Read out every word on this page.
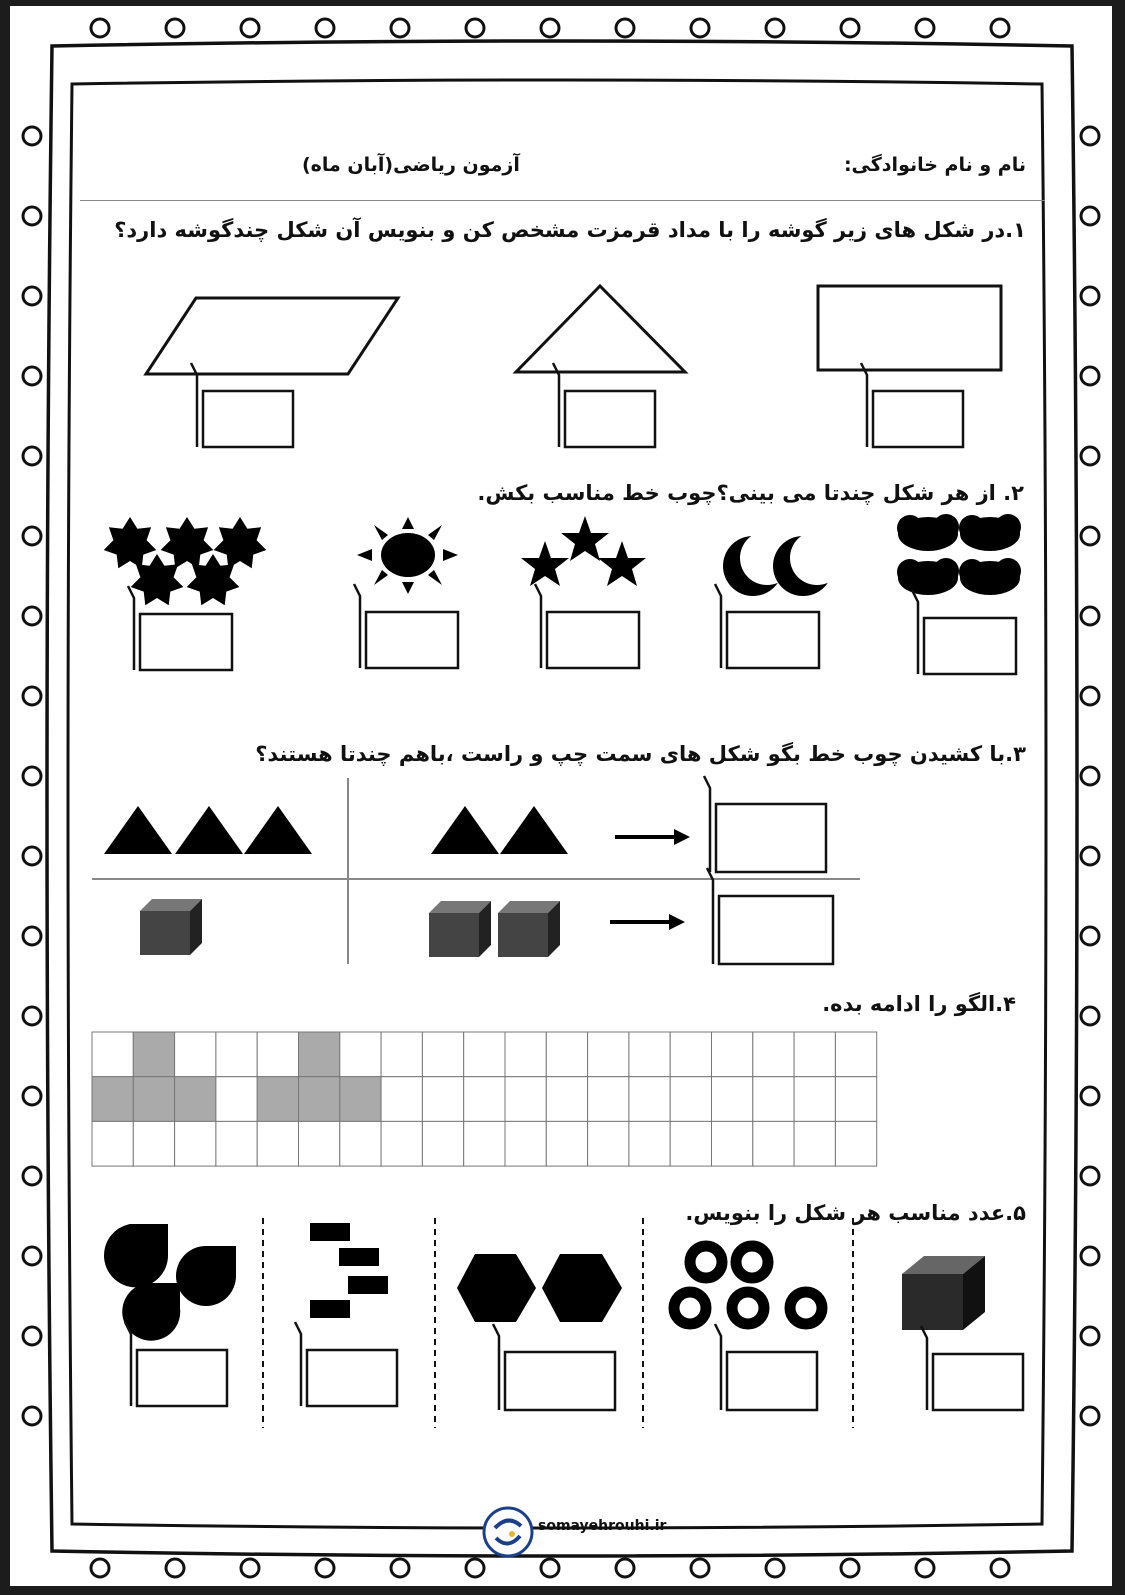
نام و نام خانوادگی:
آزمون ریاضی(آبان ماه)
۱.در شکل های زیر گوشه را با مداد قرمزت مشخص کن و بنویس آن شکل چندگوشه دارد؟
۲. از هر شکل چندتا می بینی؟چوب خط مناسب بکش.
۳.با کشیدن چوب خط بگو شکل های سمت چپ و راست ،باهم چندتا هستند؟
۴.الگو را ادامه بده.
۵.عدد مناسب هر شکل را بنویس.
somayehrouhi.ir
